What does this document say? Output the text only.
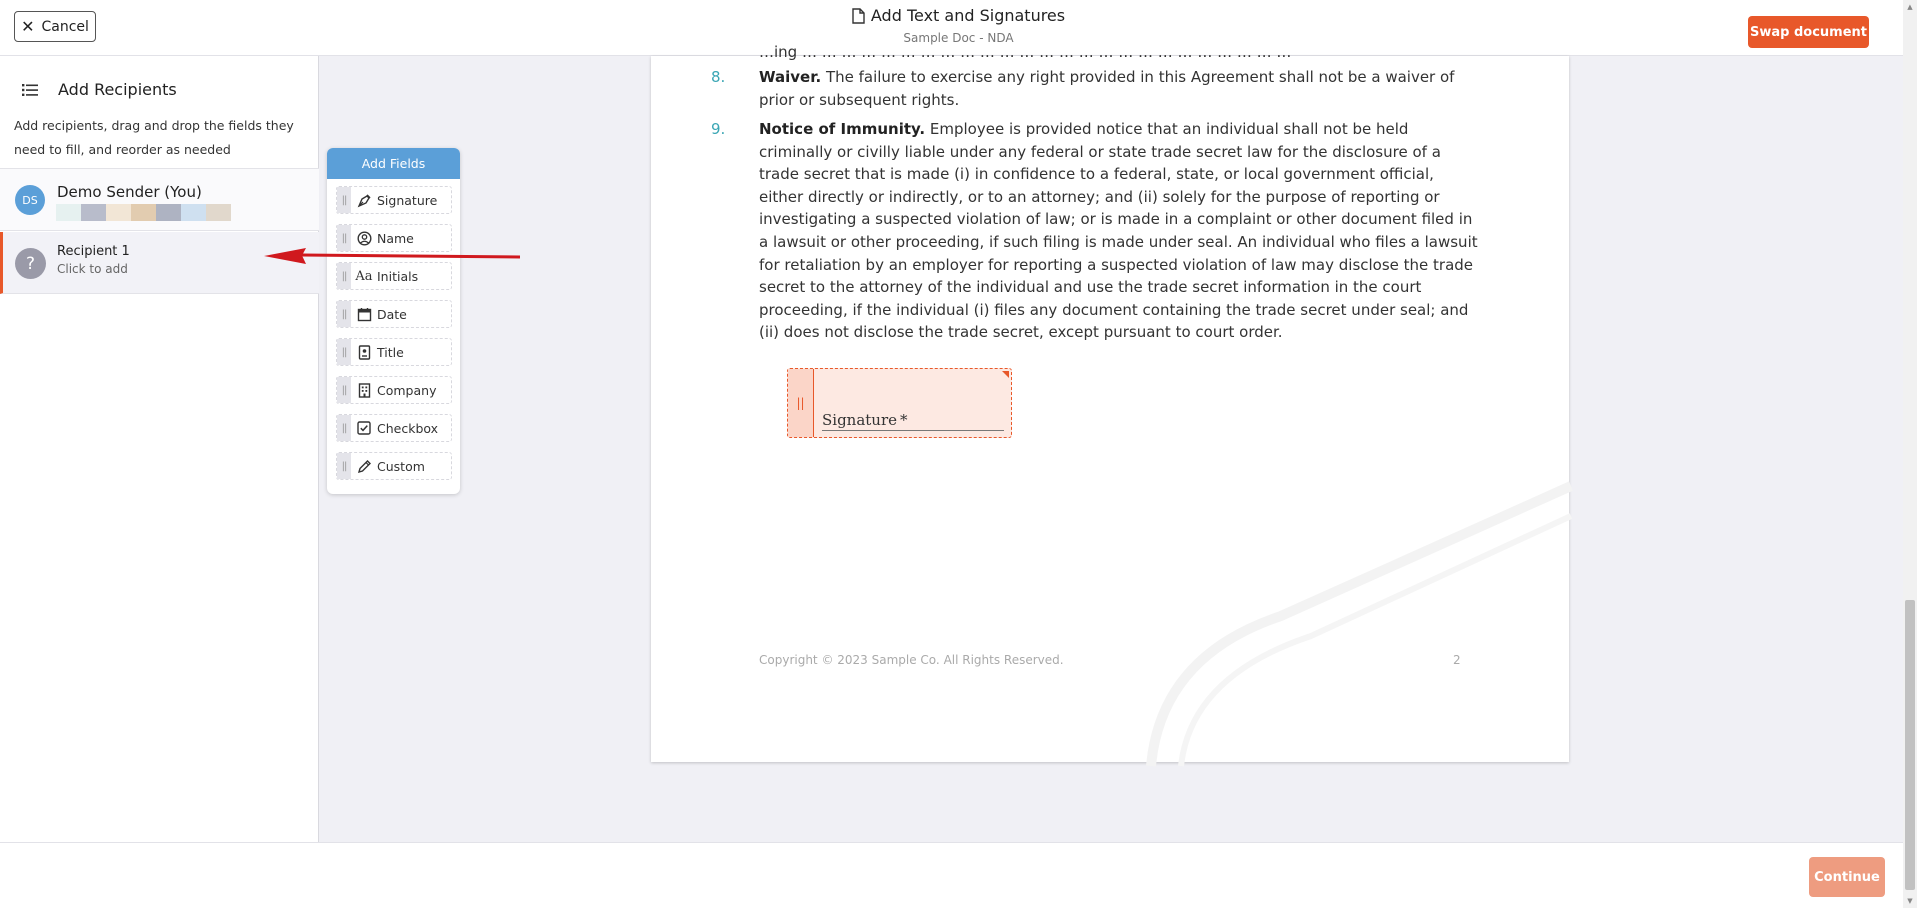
✕ Cancel
Add Text and Signatures
Sample Doc - NDA	Swap document
Add Recipients
Add recipients, drag and drop the fields they need to fill, and reorder as needed
DS	Demo Sender (You)
?
Recipient 1
Click to add
Add Fields
||	Signature
||	Name
|| Aa Initials
||	Date
||	Title
||	Company
||	Checkbox
||	Custom
…ing … … … … … … … … … … … … … … … … … … … … … … … … …
8. Waiver. The failure to exercise any right provided in this Agreement shall not be a waiver of prior or subsequent rights.
9. Notice of Immunity. Employee is provided notice that an individual shall not be held criminally or civilly liable under any federal or state trade secret law for the disclosure of a trade secret that is made (i) in confidence to a federal, state, or local government official, either directly or indirectly, or to an attorney; and (ii) solely for the purpose of reporting or investigating a suspected violation of law; or is made in a complaint or other document filed in a lawsuit or other proceeding, if such filing is made under seal. An individual who files a lawsuit for retaliation by an employer for reporting a suspected violation of law may disclose the trade secret to the attorney of the individual and use the trade secret information in the court proceeding, if the individual (i) files any document containing the trade secret under seal; and (ii) does not disclose the trade secret, except pursuant to court order.
||
Signature *
Copyright © 2023 Sample Co. All Rights Reserved.	2
Continue
▲
▼
